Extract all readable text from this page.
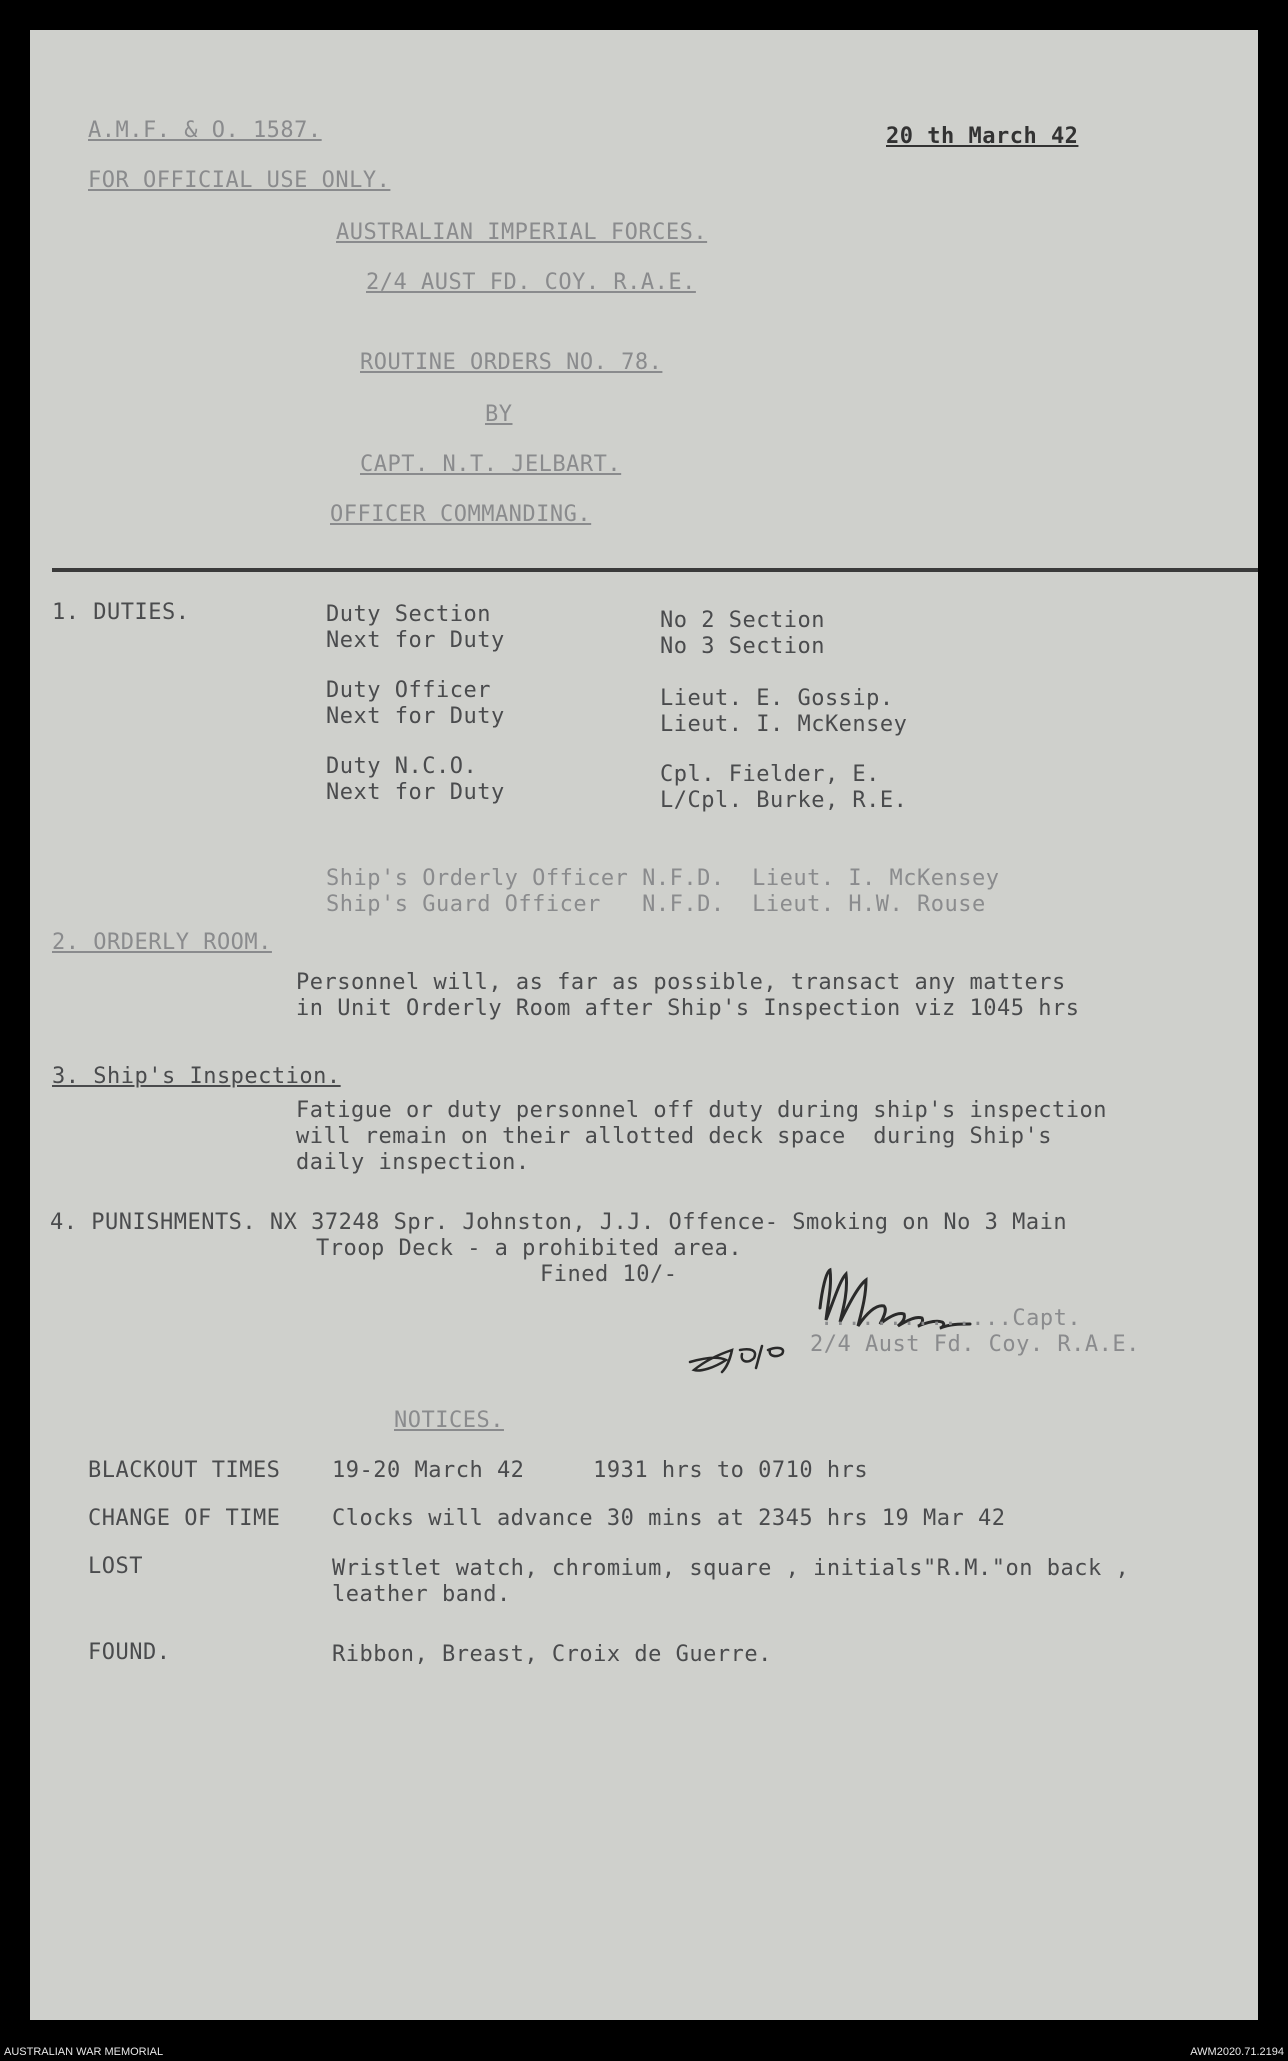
A.M.F. & O. 1587.	20 th March 42
FOR OFFICIAL USE ONLY.
AUSTRALIAN IMPERIAL FORCES.
2/4 AUST FD. COY. R.A.E.
ROUTINE ORDERS NO. 78.
BY
CAPT. N.T. JELBART.
OFFICER COMMANDING.
1. DUTIES.	Duty Section	No 2 Section
Next for Duty	No 3 Section
Duty Officer	Lieut. E. Gossip.
Next for Duty	Lieut. I. McKensey
Duty N.C.O.	Cpl. Fielder, E.
Next for Duty	L/Cpl. Burke, R.E.
Ship's Orderly Officer N.F.D.  Lieut. I. McKensey
Ship's Guard Officer   N.F.D.  Lieut. H.W. Rouse
2. ORDERLY ROOM.
Personnel will, as far as possible, transact any matters
in Unit Orderly Room after Ship's Inspection viz 1045 hrs
3. Ship's Inspection.
Fatigue or duty personnel off duty during ship's inspection
will remain on their allotted deck space  during Ship's
daily inspection.
4. PUNISHMENTS. NX 37248 Spr. Johnston, J.J. Offence- Smoking on No 3 Main
Troop Deck - a prohibited area.
Fined 10/-
..............Capt.
2/4 Aust Fd. Coy. R.A.E.
NOTICES.
BLACKOUT TIMES 19-20 March 42     1931 hrs to 0710 hrs
CHANGE OF TIME Clocks will advance 30 mins at 2345 hrs 19 Mar 42
LOST	Wristlet watch, chromium, square , initials"R.M."on back ,
leather band.
FOUND.	Ribbon, Breast, Croix de Guerre.
AUSTRALIAN WAR MEMORIAL	AWM2020.71.2194
